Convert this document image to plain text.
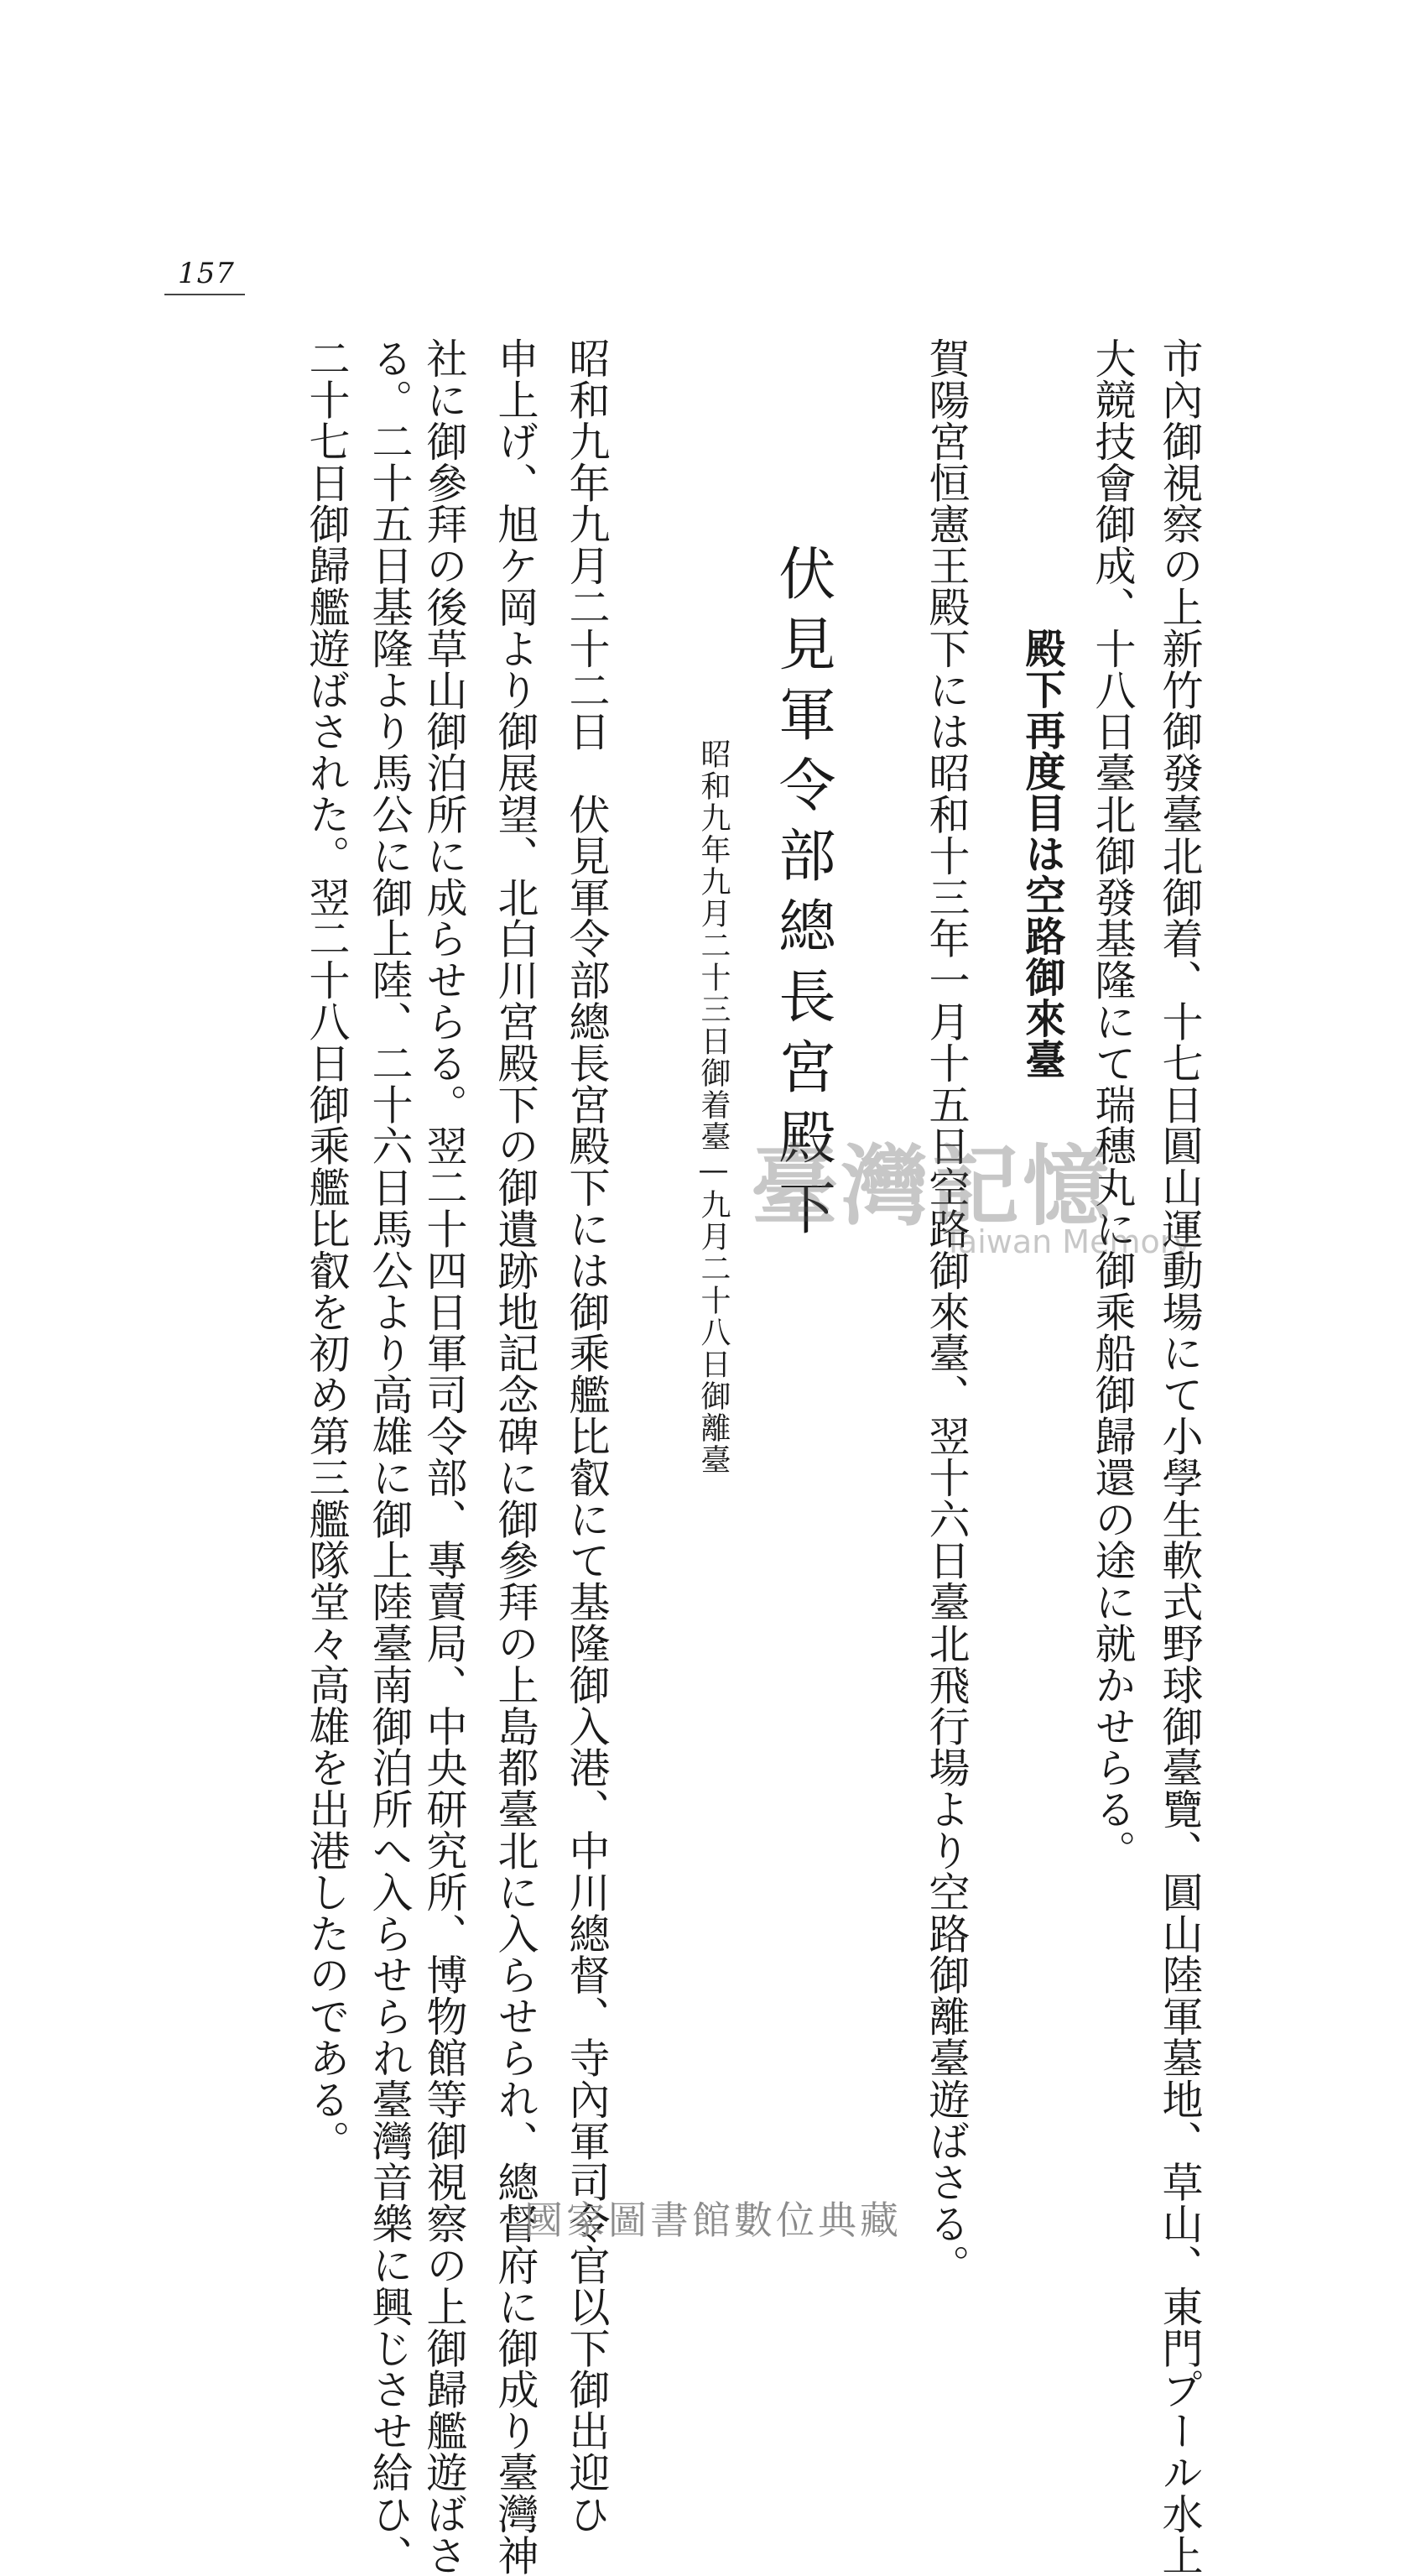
157
市內御視察の上新竹御發臺北御着、十七日圓山運動場にて小學生軟式野球御臺覽、圓山陸軍墓地、草山、東門プール水上
大競技會御成、十八日臺北御發基隆にて瑞穗丸に御乘船御歸還の途に就かせらる。
殿下再度目は空路御來臺
賀陽宮恒憲王殿下には昭和十三年一月十五日空路御來臺、翌十六日臺北飛行場より空路御離臺遊ばさる。
伏見軍令部總長宮殿下
昭和九年九月二十三日御着臺—九月二十八日御離臺
昭和九年九月二十二日　伏見軍令部總長宮殿下には御乘艦比叡にて基隆御入港、中川總督、寺內軍司令官以下御出迎ひ
申上げ、旭ケ岡より御展望、北白川宮殿下の御遺跡地記念碑に御參拜の上島都臺北に入らせられ、總督府に御成り臺灣神
社に御參拜の後草山御泊所に成らせらる。翌二十四日軍司令部、專賣局、中央研究所、博物館等御視察の上御歸艦遊ばさ
る。二十五日基隆より馬公に御上陸、二十六日馬公より高雄に御上陸臺南御泊所へ入らせられ臺灣音樂に興じさせ給ひ、
二十七日御歸艦遊ばされた。翌二十八日御乘艦比叡を初め第三艦隊堂々高雄を出港したのである。	臺灣記憶
Taiwan Memory
國家圖書館數位典藏
